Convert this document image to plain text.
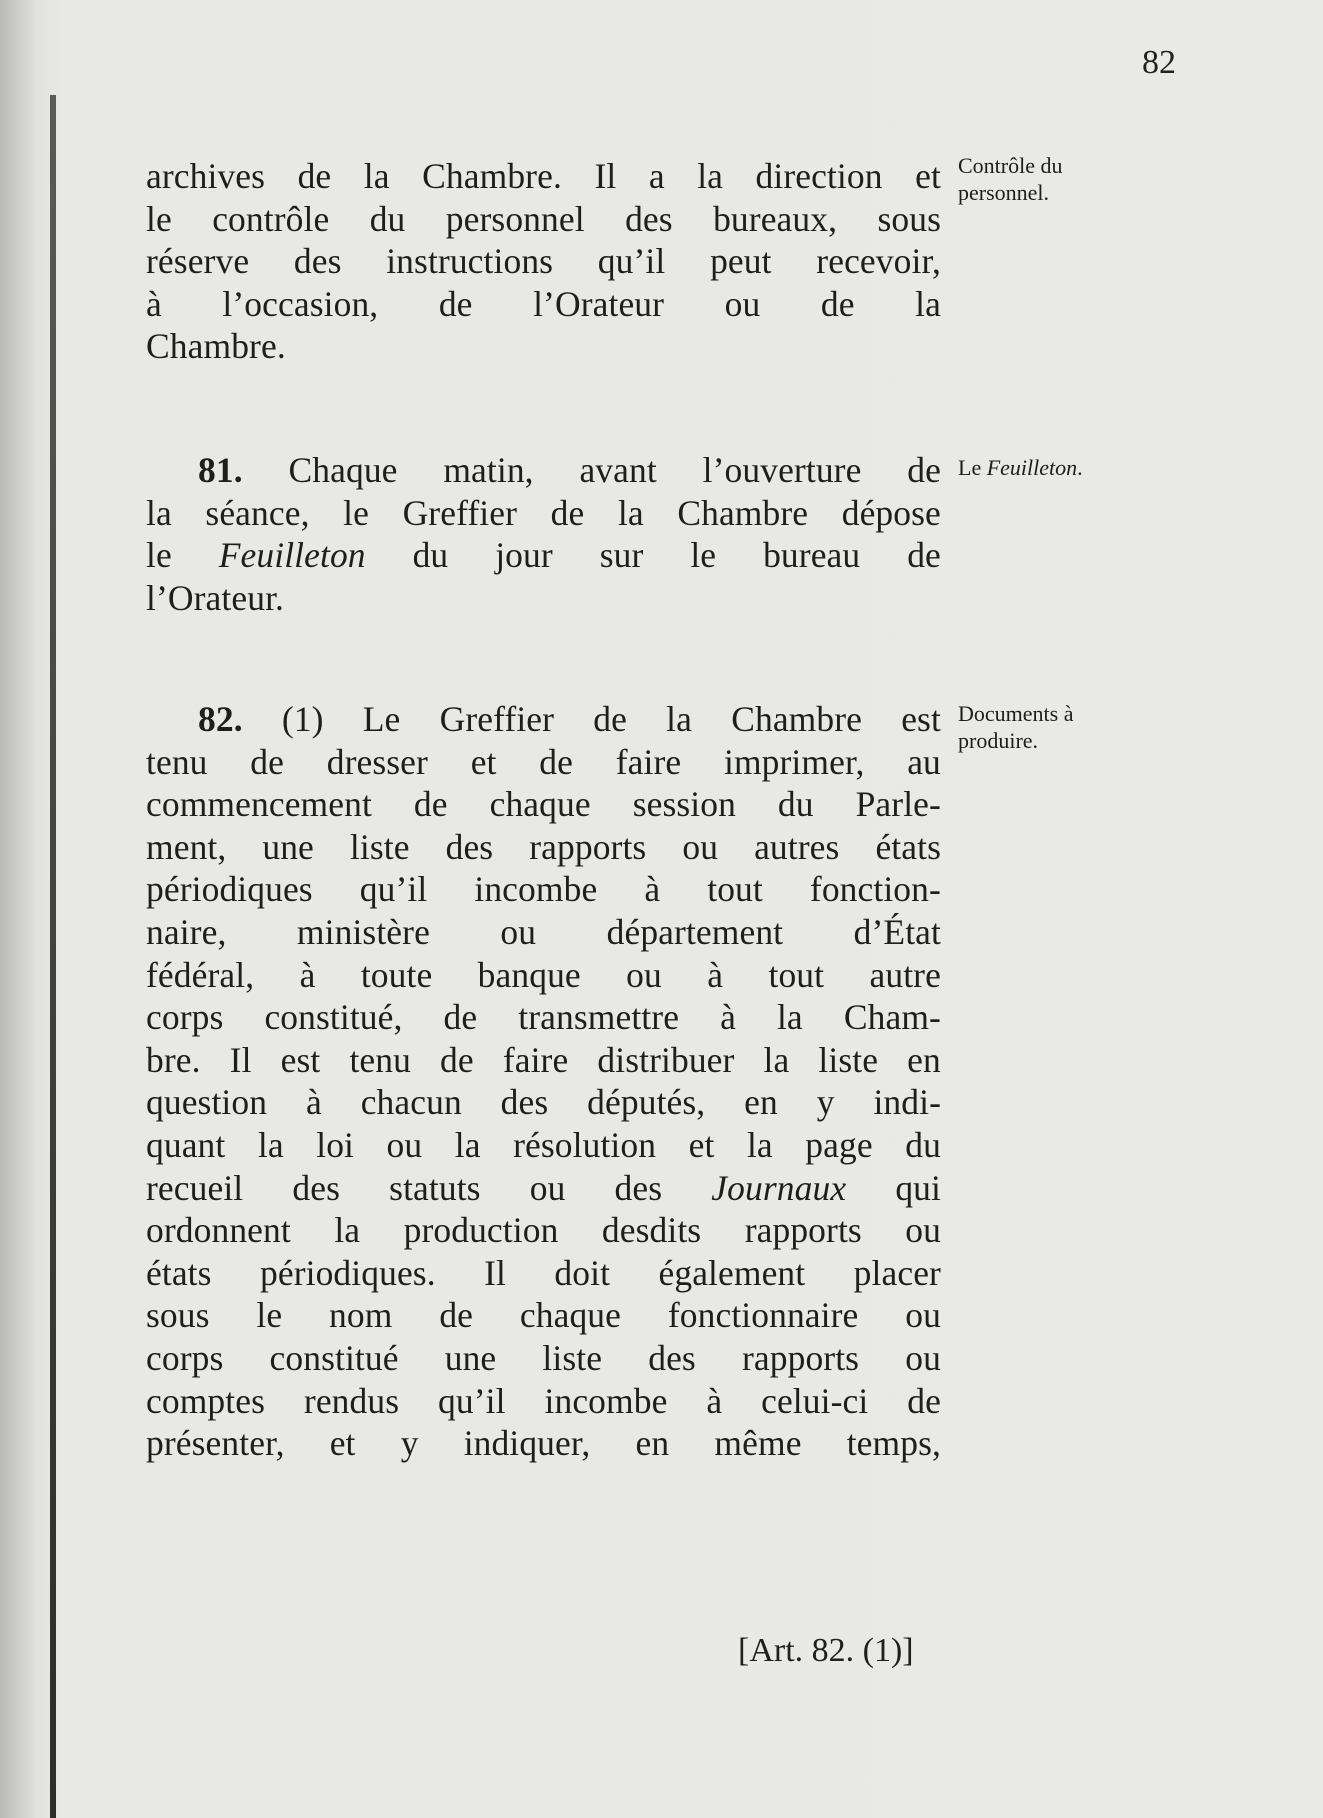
82
archives de la Chambre. Il a la direction et
le contrôle du personnel des bureaux, sous
réserve des instructions qu’il peut recevoir,
à l’occasion, de l’Orateur ou de la
Chambre.
81. Chaque matin, avant l’ouverture de
la séance, le Greffier de la Chambre dépose
le Feuilleton du jour sur le bureau de
l’Orateur.
82. (1) Le Greffier de la Chambre est
tenu de dresser et de faire imprimer, au
commencement de chaque session du Parle-
ment, une liste des rapports ou autres états
périodiques qu’il incombe à tout fonction-
naire, ministère ou département d’État
fédéral, à toute banque ou à tout autre
corps constitué, de transmettre à la Cham-
bre. Il est tenu de faire distribuer la liste en
question à chacun des députés, en y indi-
quant la loi ou la résolution et la page du
recueil des statuts ou des Journaux qui
ordonnent la production desdits rapports ou
états périodiques. Il doit également placer
sous le nom de chaque fonctionnaire ou
corps constitué une liste des rapports ou
comptes rendus qu’il incombe à celui-ci de
présenter, et y indiquer, en même temps,
Contrôle du
personnel.
Le Feuilleton.
Documents à
produire.
[Art. 82. (1)]
